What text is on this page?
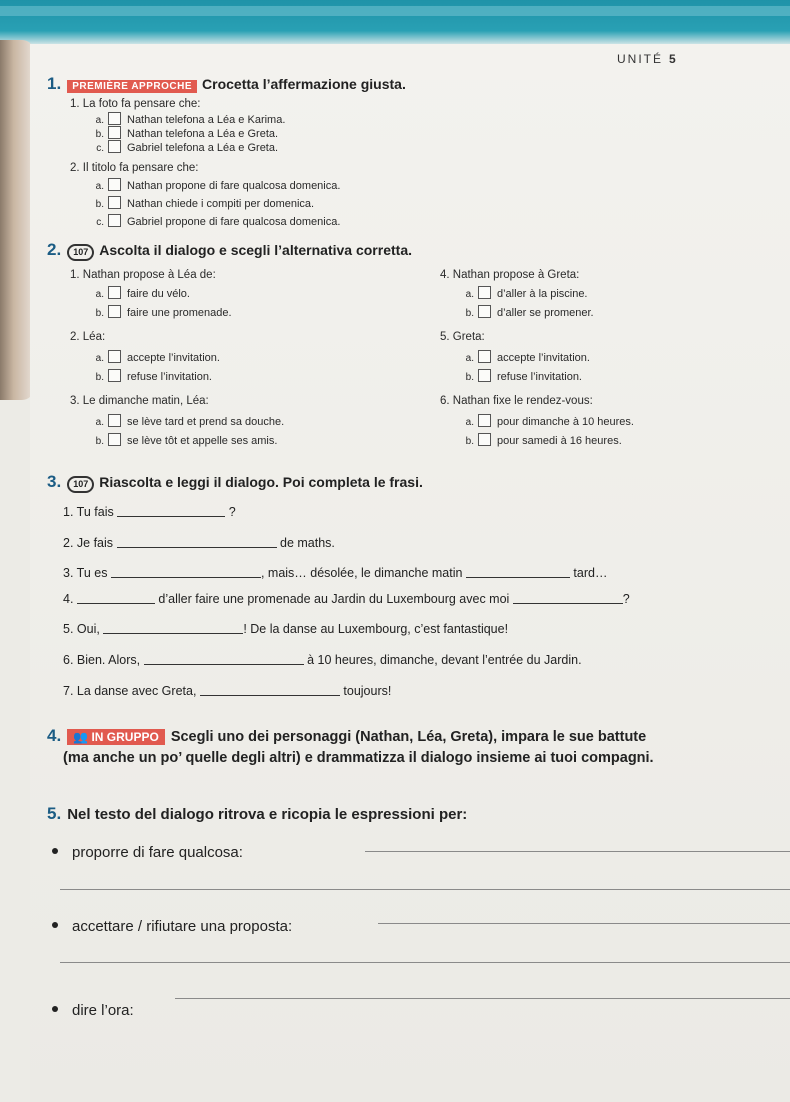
UNITÉ 5
1. PREMIÈRE APPROCHE Crocetta l’affermazione giusta.
1. La foto fa pensare che:
a. Nathan telefona a Léa e Karima.
b. Nathan telefona a Léa e Greta.
c. Gabriel telefona a Léa e Greta.
2. Il titolo fa pensare che:
a. Nathan propone di fare qualcosa domenica.
b. Nathan chiede i compiti per domenica.
c. Gabriel propone di fare qualcosa domenica.
2. 107 Ascolta il dialogo e scegli l’alternativa corretta.
1. Nathan propose à Léa de:
a. faire du vélo.
b. faire une promenade.
2. Léa:
a. accepte l’invitation.
b. refuse l’invitation.
3. Le dimanche matin, Léa:
a. se lève tard et prend sa douche.
b. se lève tôt et appelle ses amis.
4. Nathan propose à Greta:
a. d’aller à la piscine.
b. d’aller se promener.
5. Greta:
a. accepte l’invitation.
b. refuse l’invitation.
6. Nathan fixe le rendez-vous:
a. pour dimanche à 10 heures.
b. pour samedi à 16 heures.
3. 107 Riascolta e leggi il dialogo. Poi completa le frasi.
1. Tu fais	?
2. Je fais	de maths.
3. Tu es	, mais… désolée, le dimanche matin	tard…
4.	d’aller faire une promenade au Jardin du Luxembourg avec moi	?
5. Oui,	! De la danse au Luxembourg, c’est fantastique!
6. Bien. Alors,	à 10 heures, dimanche, devant l’entrée du Jardin.
7. La danse avec Greta,	toujours!
4. 👥 IN GRUPPO Scegli uno dei personaggi (Nathan, Léa, Greta), impara le sue battute
(ma anche un po’ quelle degli altri) e drammatizza il dialogo insieme ai tuoi compagni.
5. Nel testo del dialogo ritrova e ricopia le espressioni per:
proporre di fare qualcosa:
accettare / rifiutare una proposta:
dire l’ora:
